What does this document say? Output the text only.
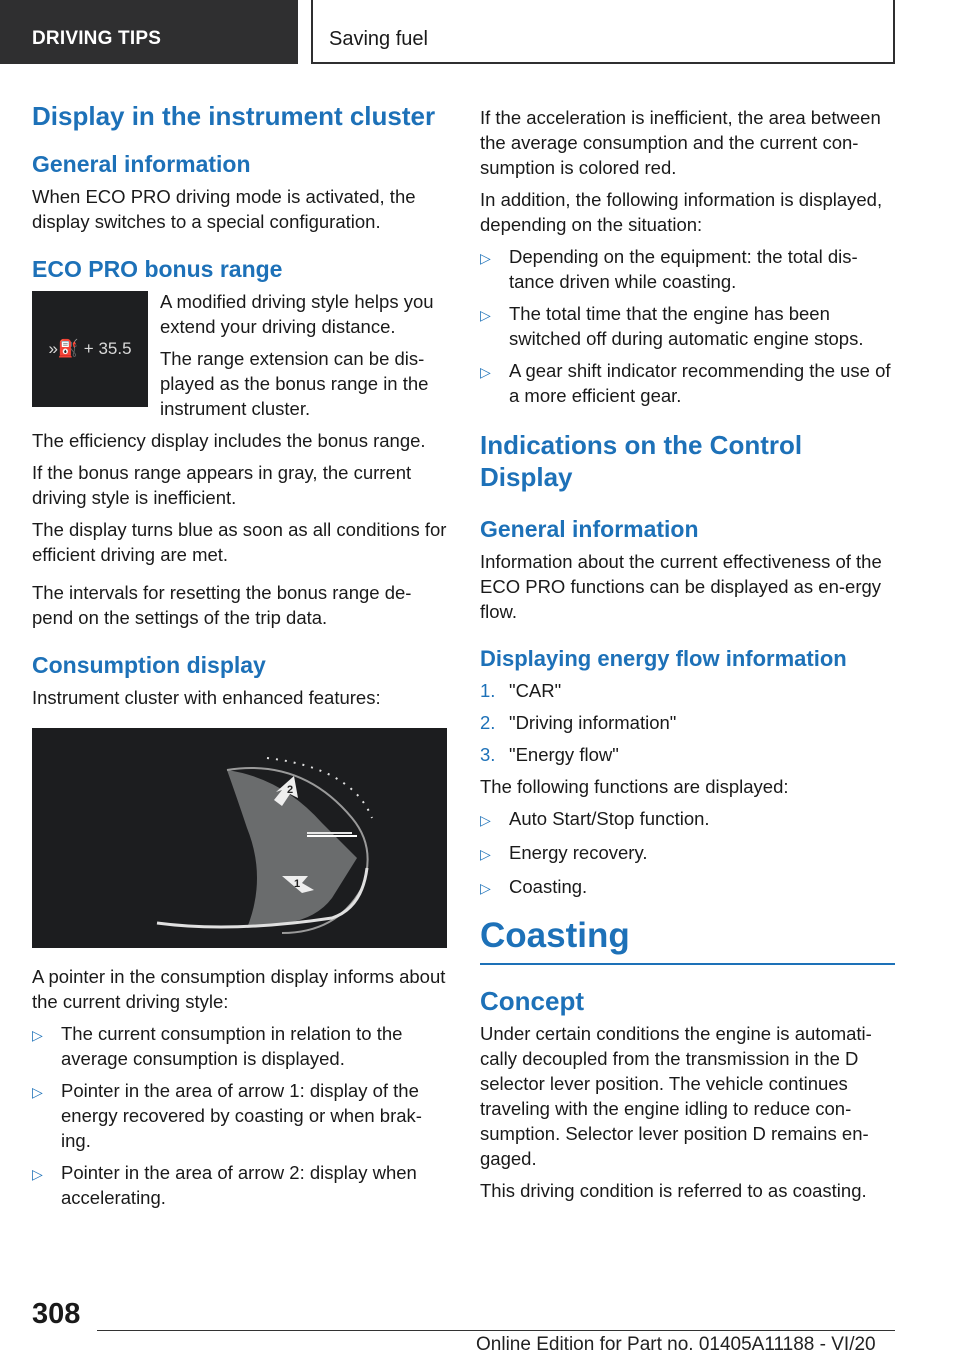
DRIVING TIPS	Saving fuel
Display in the instrument cluster
General information

When ECO PRO driving mode is activated, the display switches to a special configuration.

ECO PRO bonus range
»⛽ + 35.5

A modified driving style helps you extend your driving distance.

The range extension can be dis-played as the bonus range in the instrument cluster.

The efficiency display includes the bonus range.

If the bonus range appears in gray, the current driving style is inefficient.

The display turns blue as soon as all conditions for efficient driving are met.

The intervals for resetting the bonus range de-pend on the settings of the trip data.

Consumption display

Instrument cluster with enhanced features:

2
1

A pointer in the consumption display informs about the current driving style:

▷ The current consumption in relation to the average consumption is displayed.
▷ Pointer in the area of arrow 1: display of the energy recovered by coasting or when brak-ing.
▷ Pointer in the area of arrow 2: display when accelerating.

If the acceleration is inefficient, the area between the average consumption and the current con-sumption is colored red.

In addition, the following information is displayed, depending on the situation:

▷ Depending on the equipment: the total dis-tance driven while coasting.
▷ The total time that the engine has been switched off during automatic engine stops.
▷ A gear shift indicator recommending the use of a more efficient gear.
Indications on the Control Display
General information

Information about the current effectiveness of the ECO PRO functions can be displayed as en-ergy flow.

Displaying energy flow information
1. "CAR"
2. "Driving information"
3. "Energy flow"

The following functions are displayed:

▷ Auto Start/Stop function.
▷ Energy recovery.
▷ Coasting.
Coasting
Concept

Under certain conditions the engine is automati-cally decoupled from the transmission in the D selector lever position. The vehicle continues traveling with the engine idling to reduce con-sumption. Selector lever position D remains en-gaged.

This driving condition is referred to as coasting.

308
Online Edition for Part no. 01405A11188 - VI/20
